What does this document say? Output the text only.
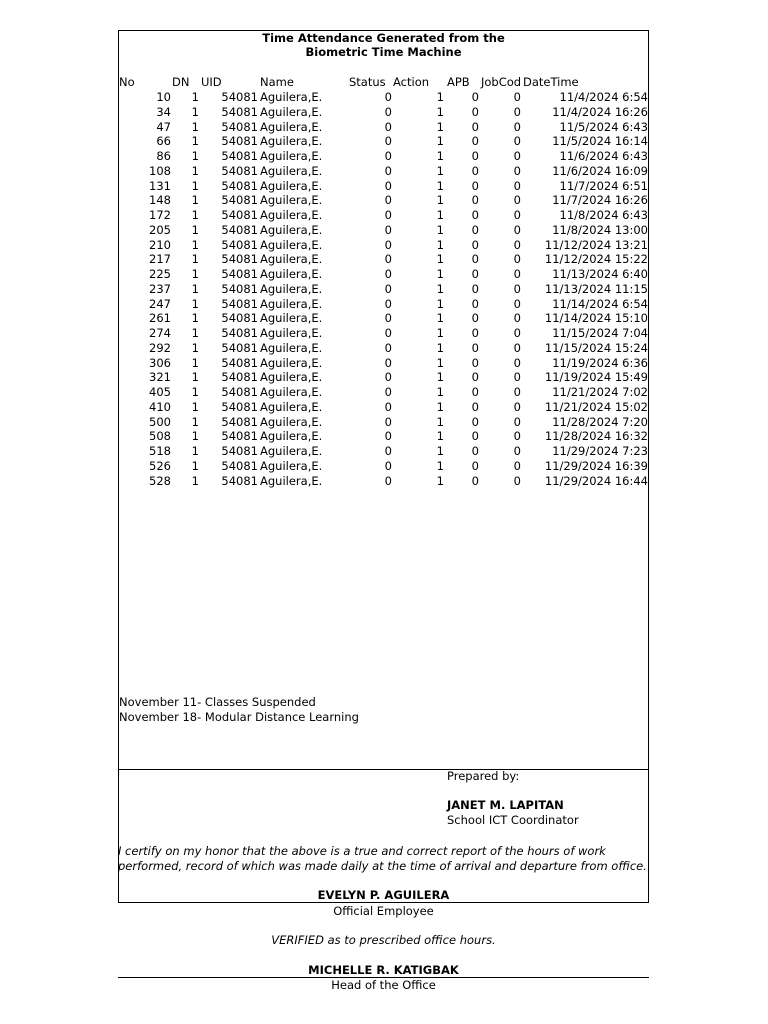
Time Attendance Generated from the
Biometric Time Machine
No	DN UID	Name	Status Action APB JobCod DateTime
10 1 54081 Aguilera,E.	0	1 0	0	11/4/2024 6:54
34 1 54081 Aguilera,E.	0	1 0	0	11/4/2024 16:26
47 1 54081 Aguilera,E.	0	1 0	0	11/5/2024 6:43
66 1 54081 Aguilera,E.	0	1 0	0	11/5/2024 16:14
86 1 54081 Aguilera,E.	0	1 0	0	11/6/2024 6:43
108 1 54081 Aguilera,E.	0	1 0	0	11/6/2024 16:09
131 1 54081 Aguilera,E.	0	1 0	0	11/7/2024 6:51
148 1 54081 Aguilera,E.	0	1 0	0	11/7/2024 16:26
172 1 54081 Aguilera,E.	0	1 0	0	11/8/2024 6:43
205 1 54081 Aguilera,E.	0	1 0	0	11/8/2024 13:00
210 1 54081 Aguilera,E.	0	1 0	0 11/12/2024 13:21
217 1 54081 Aguilera,E.	0	1 0	0 11/12/2024 15:22
225 1 54081 Aguilera,E.	0	1 0	0	11/13/2024 6:40
237 1 54081 Aguilera,E.	0	1 0	0 11/13/2024 11:15
247 1 54081 Aguilera,E.	0	1 0	0	11/14/2024 6:54
261 1 54081 Aguilera,E.	0	1 0	0 11/14/2024 15:10
274 1 54081 Aguilera,E.	0	1 0	0	11/15/2024 7:04
292 1 54081 Aguilera,E.	0	1 0	0 11/15/2024 15:24
306 1 54081 Aguilera,E.	0	1 0	0	11/19/2024 6:36
321 1 54081 Aguilera,E.	0	1 0	0 11/19/2024 15:49
405 1 54081 Aguilera,E.	0	1 0	0	11/21/2024 7:02
410 1 54081 Aguilera,E.	0	1 0	0 11/21/2024 15:02
500 1 54081 Aguilera,E.	0	1 0	0	11/28/2024 7:20
508 1 54081 Aguilera,E.	0	1 0	0 11/28/2024 16:32
518 1 54081 Aguilera,E.	0	1 0	0	11/29/2024 7:23
526 1 54081 Aguilera,E.	0	1 0	0 11/29/2024 16:39
528 1 54081 Aguilera,E.	0	1 0	0 11/29/2024 16:44
November 11- Classes Suspended
November 18- Modular Distance Learning
Prepared by:
JANET M. LAPITAN
School ICT Coordinator
I certify on my honor that the above is a true and correct report of the hours of work
performed, record of which was made daily at the time of arrival and departure from office.
EVELYN P. AGUILERA
Official Employee
VERIFIED as to prescribed office hours.
MICHELLE R. KATIGBAK
Head of the Office
